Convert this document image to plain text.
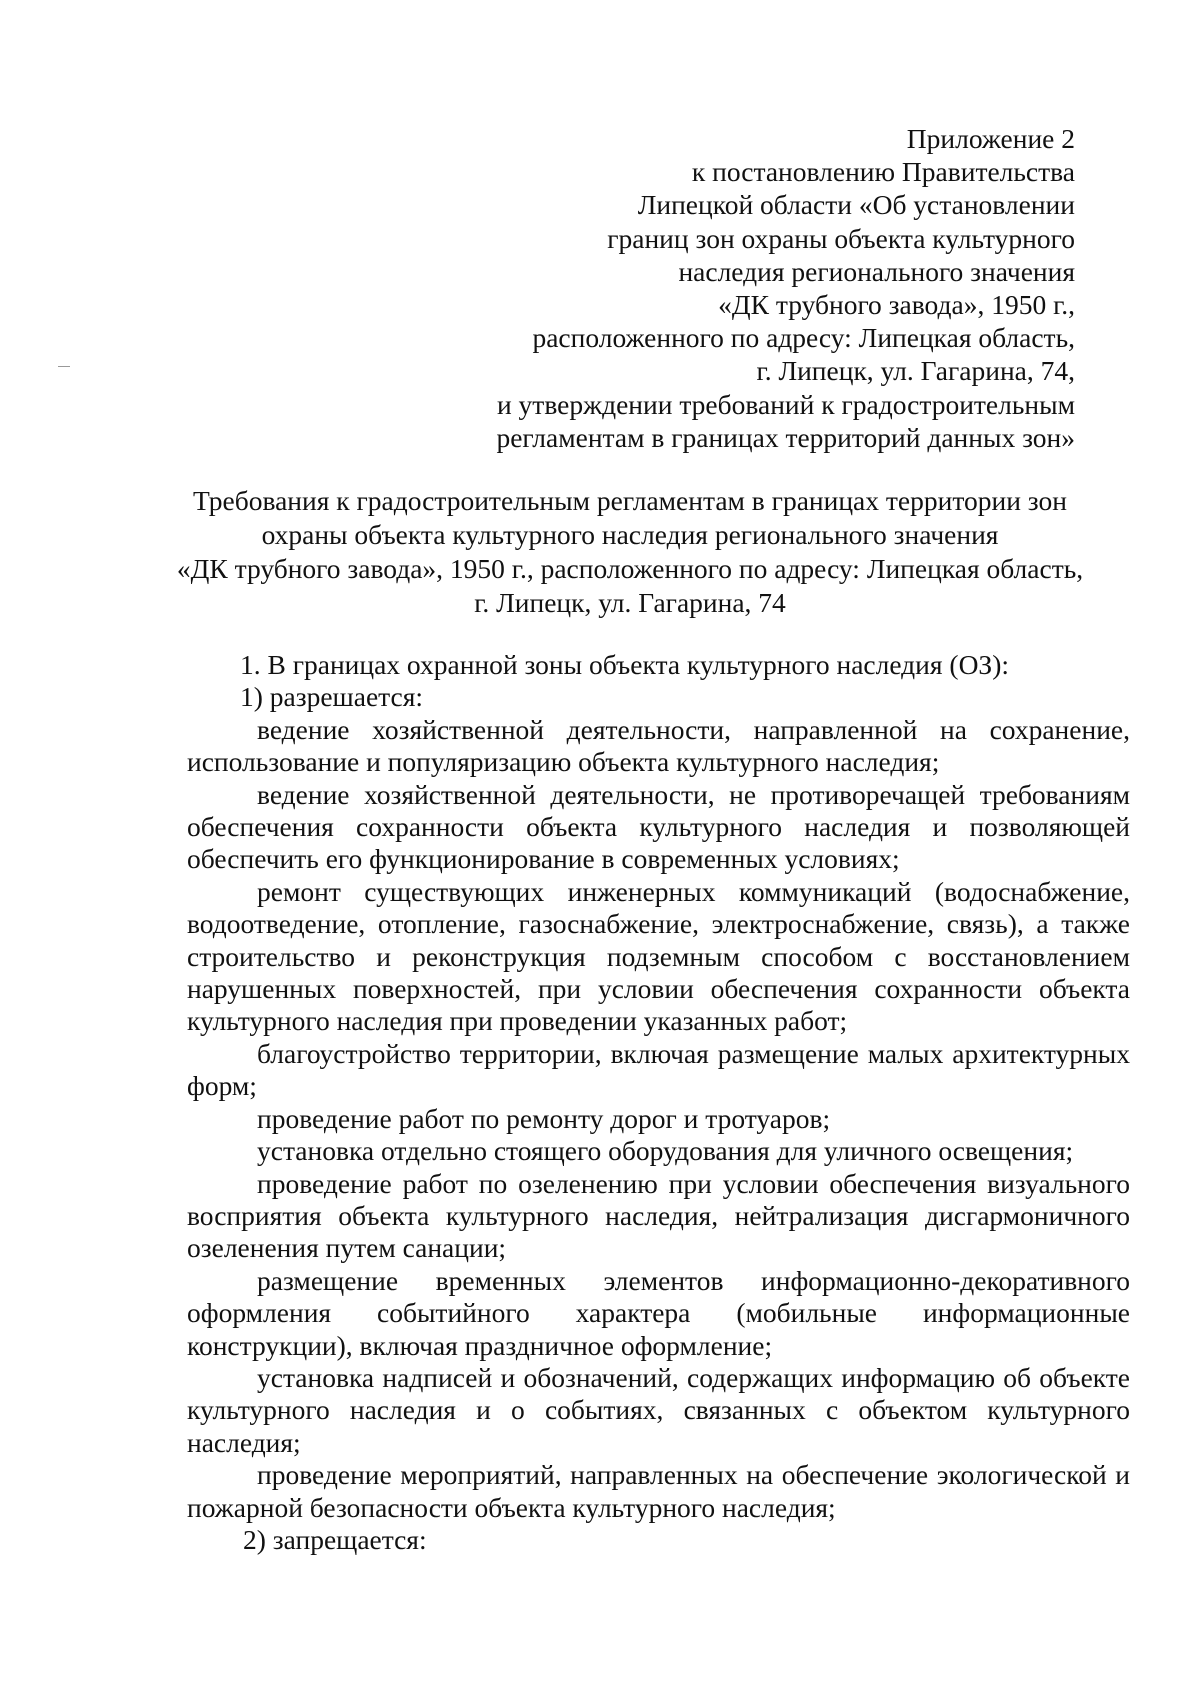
Приложение 2
к постановлению Правительства
Липецкой области «Об установлении
границ зон охраны объекта культурного
наследия регионального значения
«ДК трубного завода», 1950 г.,
расположенного по адресу: Липецкая область,
г. Липецк, ул. Гагарина, 74,
и утверждении требований к градостроительным
регламентам в границах территорий данных зон»
Требования к градостроительным регламентам в границах территории зон
охраны объекта культурного наследия регионального значения
«ДК трубного завода», 1950 г., расположенного по адресу: Липецкая область,
г. Липецк, ул. Гагарина, 74

1. В границах охранной зоны объекта культурного наследия (ОЗ):

1) разрешается:

ведение хозяйственной деятельности, направленной на сохранение, использование и популяризацию объекта культурного наследия;

ведение хозяйственной деятельности, не противоречащей требованиям обеспечения сохранности объекта культурного наследия и позволяющей обеспечить его функционирование в современных условиях;

ремонт существующих инженерных коммуникаций (водоснабжение, водоотведение, отопление, газоснабжение, электроснабжение, связь), а также строительство и реконструкция подземным способом с восстановлением нарушенных поверхностей, при условии обеспечения сохранности объекта культурного наследия при проведении указанных работ;

благоустройство территории, включая размещение малых архитектурных форм;

проведение работ по ремонту дорог и тротуаров;

установка отдельно стоящего оборудования для уличного освещения;

проведение работ по озеленению при условии обеспечения визуального восприятия объекта культурного наследия, нейтрализация дисгармоничного озеленения путем санации;

размещение временных элементов информационно-декоративного оформления событийного характера (мобильные информационные конструкции), включая праздничное оформление;

установка надписей и обозначений, содержащих информацию об объекте культурного наследия и о событиях, связанных с объектом культурного наследия;

проведение мероприятий, направленных на обеспечение экологической и пожарной безопасности объекта культурного наследия;

2) запрещается:
